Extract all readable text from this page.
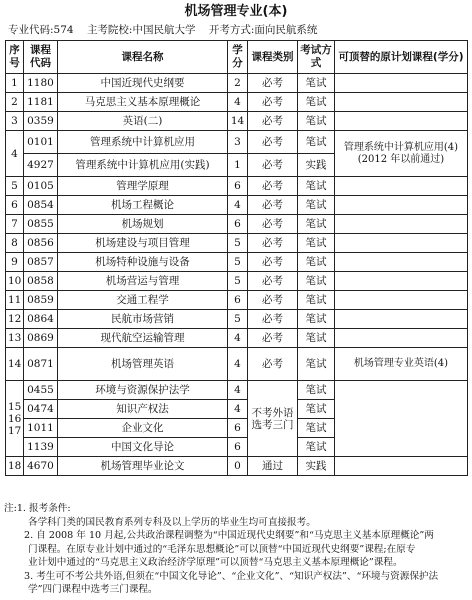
机场管理专业(本)
专业代码:574 主考院校:中国民航大学 开考方式:面向民航系统
序号	课程代码	课程名称	学分	课程类别	考试方式	可顶替的原计划课程(学分)
1	1180	中国近现代史纲要	2	必考	笔试	
2	1181	马克思主义基本原理概论	4	必考	笔试	
3	0359	英语(二)	14	必考	笔试	
4	0101	管理系统中计算机应用	3	必考	笔试	管理系统中计算机应用(4)(2012 年以前通过)
	4927	管理系统中计算机应用(实践)	1	必考	实践	
5	0105	管理学原理	6	必考	笔试	
6	0854	机场工程概论	4	必考	笔试	
7	0855	机场规划	6	必考	笔试	
8	0856	机场建设与项目管理	5	必考	笔试	
9	0857	机场特种设施与设备	5	必考	笔试	
10	0858	机场营运与管理	5	必考	笔试	
11	0859	交通工程学	6	必考	笔试	
12	0864	民航市场营销	5	必考	笔试	
13	0869	现代航空运输管理	4	必考	笔试	
14	0871	机场管理英语	4	必考	笔试	机场管理专业英语(4)
15 16 17	0455	环境与资源保护法学	4	不考外语选考三门	笔试	
	0474	知识产权法	4		笔试	
	1011	企业文化	6		笔试	
	1139	中国文化导论	6		笔试	
18	4670	机场管理毕业论文	0	通过	实践	

注:1. 报考条件:

各学科门类的国民教育系列专科及以上学历的毕业生均可直接报考。

2. 自 2008 年 10 月起,公共政治课程调整为“中国近现代史纲要”和“马克思主义基本原理概论”两

门课程。在原专业计划中通过的“毛泽东思想概论”可以顶替“中国近现代史纲要”课程;在原专

业计划中通过的“马克思主义政治经济学原理”可以顶替“马克思主义基本原理概论”课程。

3. 考生可不考公共外语,但须在“中国文化导论”、“企业文化”、“知识产权法”、“环境与资源保护法

学”四门课程中选考三门课程。
